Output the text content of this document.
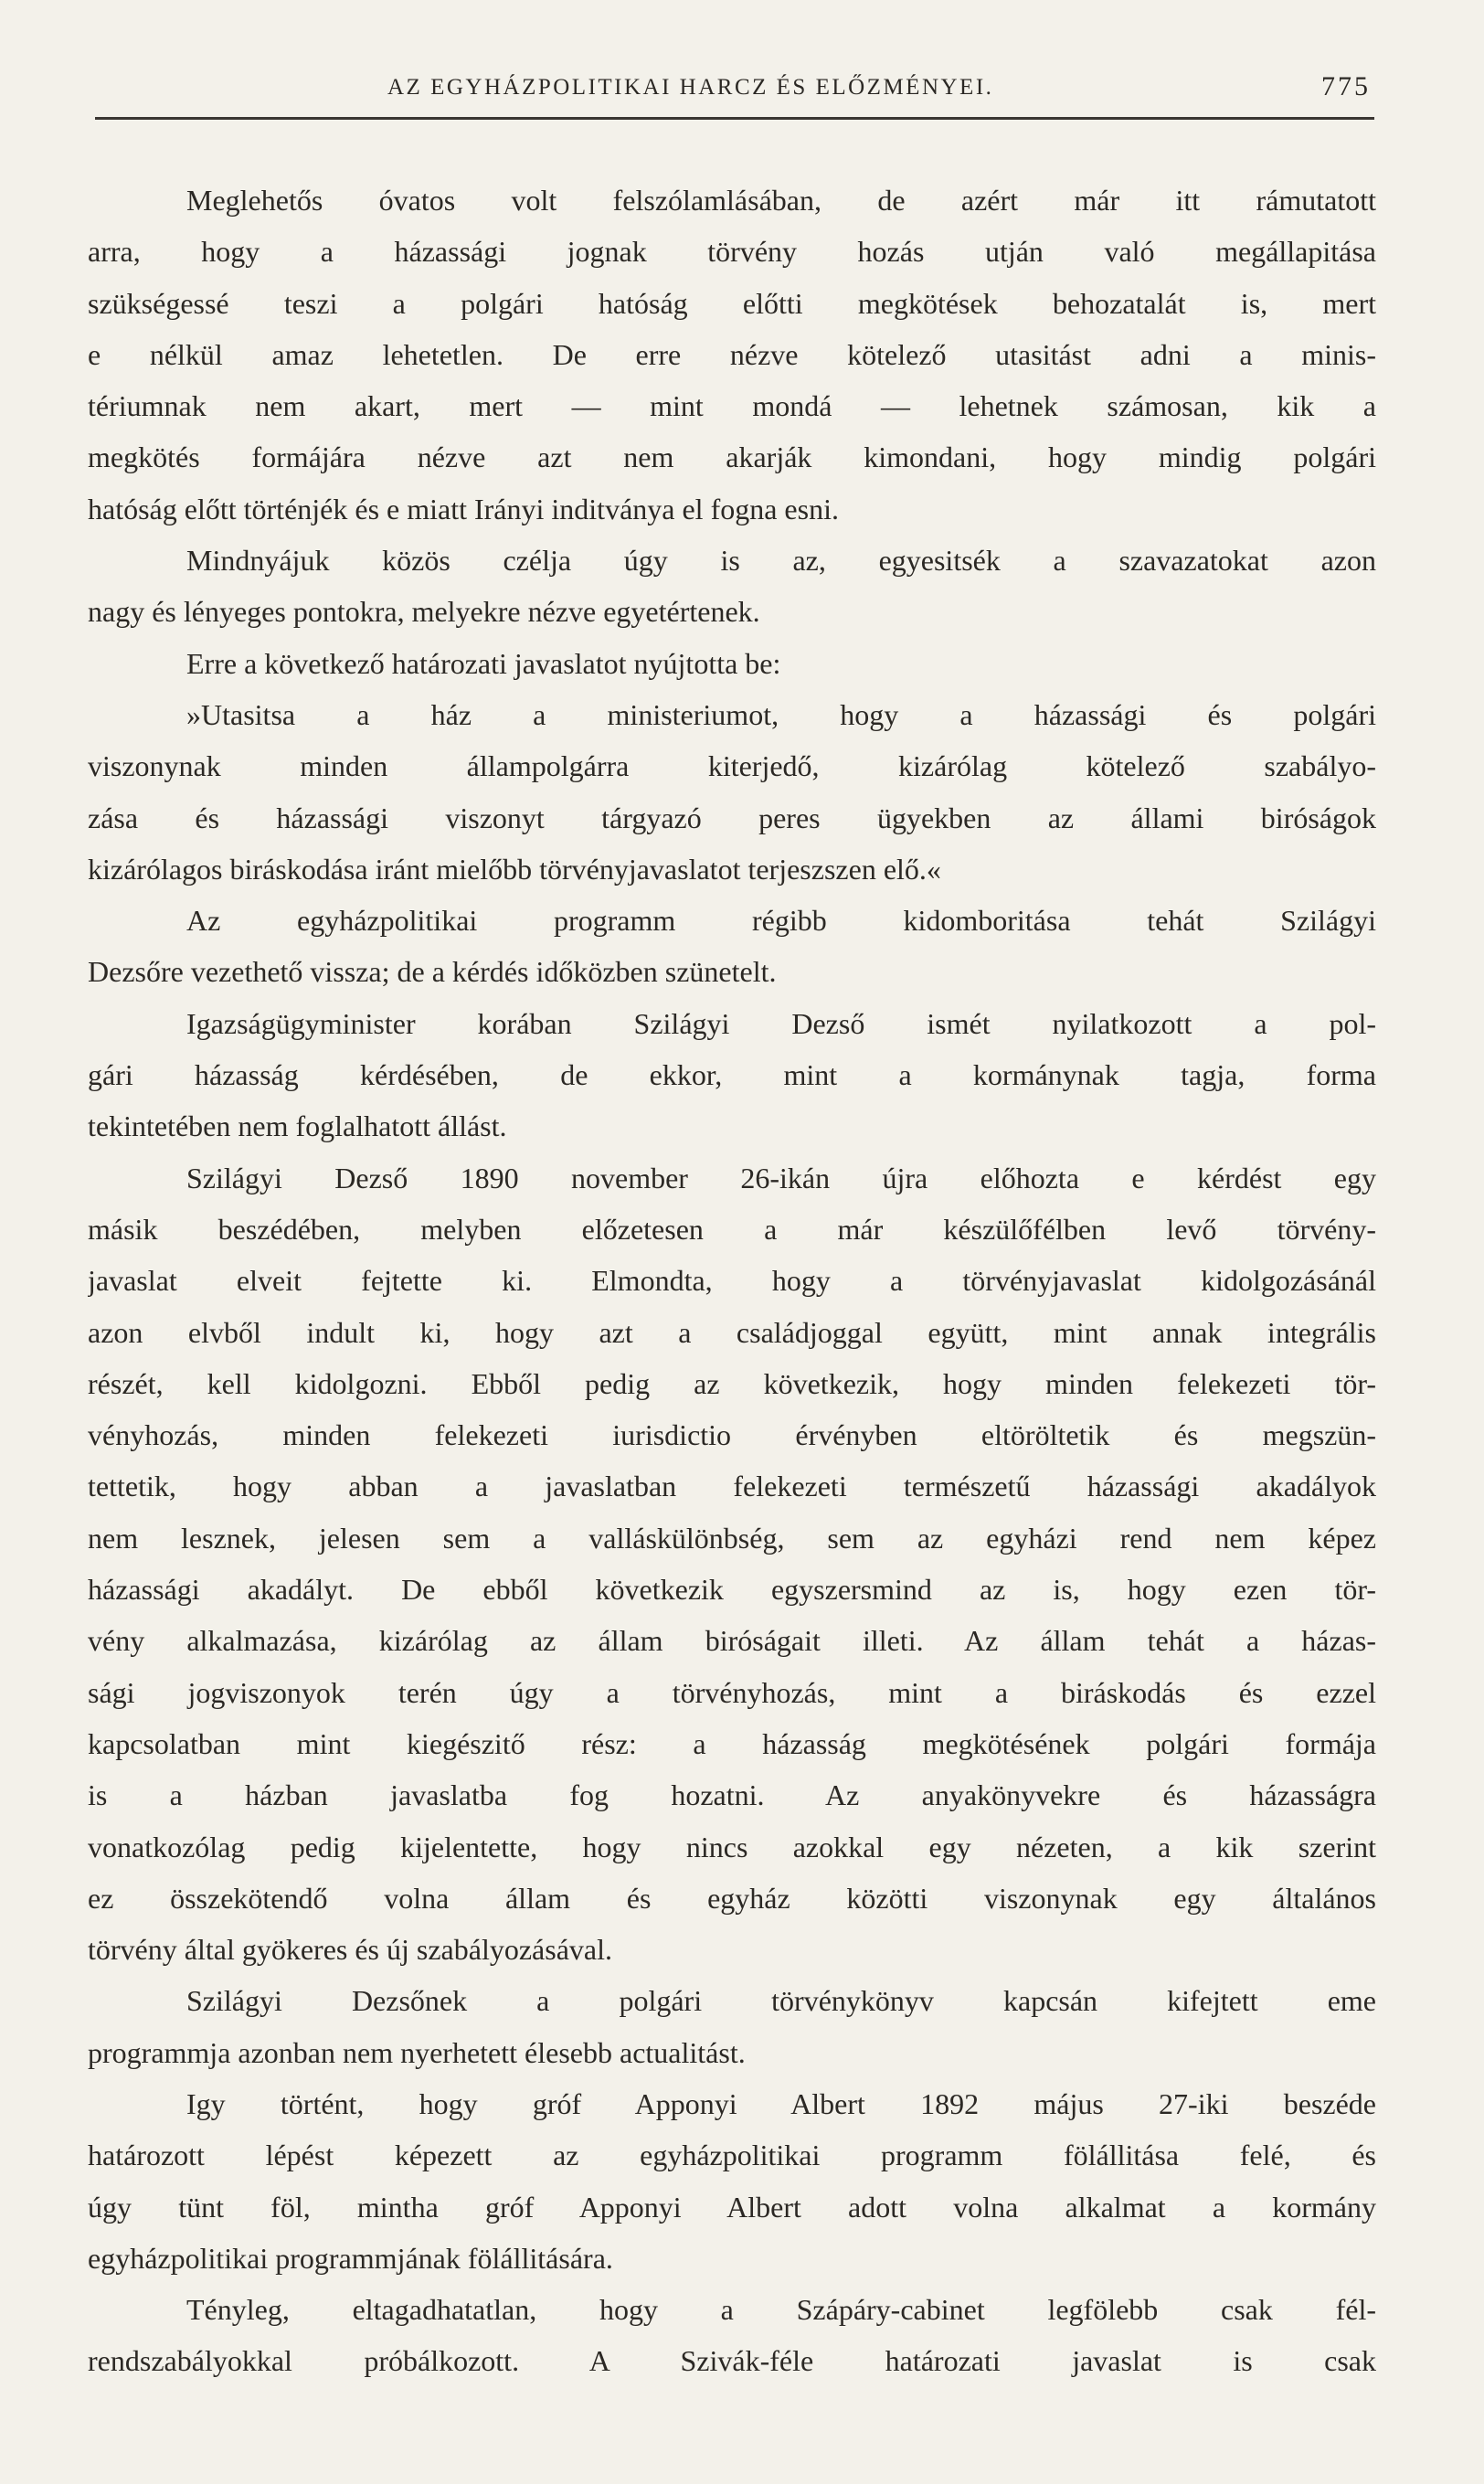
AZ EGYHÁZPOLITIKAI HARCZ ÉS ELŐZMÉNYEI.	775
Meglehetős óvatos volt felszólamlásában, de azért már itt rámutatott
arra, hogy a házassági jognak törvény hozás utján való megállapitása
szükségessé teszi a polgári hatóság előtti megkötések behozatalát is, mert
e nélkül amaz lehetetlen. De erre nézve kötelező utasitást adni a minis-
tériumnak nem akart, mert — mint mondá — lehetnek számosan, kik a
megkötés formájára nézve azt nem akarják kimondani, hogy mindig polgári
hatóság előtt történjék és e miatt Irányi inditványa el fogna esni.
Mindnyájuk közös czélja úgy is az, egyesitsék a szavazatokat azon
nagy és lényeges pontokra, melyekre nézve egyetértenek.
Erre a következő határozati javaslatot nyújtotta be:
»Utasitsa a ház a ministeriumot, hogy a házassági és polgári
viszonynak minden állampolgárra kiterjedő, kizárólag kötelező szabályo-
zása és házassági viszonyt tárgyazó peres ügyekben az állami biróságok
kizárólagos biráskodása iránt mielőbb törvényjavaslatot terjeszszen elő.«
Az egyházpolitikai programm régibb kidomboritása tehát Szilágyi
Dezsőre vezethető vissza; de a kérdés időközben szünetelt.
Igazságügyminister korában Szilágyi Dezső ismét nyilatkozott a pol-
gári házasság kérdésében, de ekkor, mint a kormánynak tagja, forma
tekintetében nem foglalhatott állást.
Szilágyi Dezső 1890 november 26-ikán újra előhozta e kérdést egy
másik beszédében, melyben előzetesen a már készülőfélben levő törvény-
javaslat elveit fejtette ki. Elmondta, hogy a törvényjavaslat kidolgozásánál
azon elvből indult ki, hogy azt a családjoggal együtt, mint annak integrális
részét, kell kidolgozni. Ebből pedig az következik, hogy minden felekezeti tör-
vényhozás, minden felekezeti iurisdictio érvényben eltöröltetik és megszün-
tettetik, hogy abban a javaslatban felekezeti természetű házassági akadályok
nem lesznek, jelesen sem a valláskülönbség, sem az egyházi rend nem képez
házassági akadályt. De ebből következik egyszersmind az is, hogy ezen tör-
vény alkalmazása, kizárólag az állam biróságait illeti. Az állam tehát a házas-
sági jogviszonyok terén úgy a törvényhozás, mint a biráskodás és ezzel
kapcsolatban mint kiegészitő rész: a házasság megkötésének polgári formája
is a házban javaslatba fog hozatni. Az anyakönyvekre és házasságra
vonatkozólag pedig kijelentette, hogy nincs azokkal egy nézeten, a kik szerint
ez összekötendő volna állam és egyház közötti viszonynak egy általános
törvény által gyökeres és új szabályozásával.
Szilágyi Dezsőnek a polgári törvénykönyv kapcsán kifejtett eme
programmja azonban nem nyerhetett élesebb actualitást.
Igy történt, hogy gróf Apponyi Albert 1892 május 27-iki beszéde
határozott lépést képezett az egyházpolitikai programm fölállitása felé, és
úgy tünt föl, mintha gróf Apponyi Albert adott volna alkalmat a kormány
egyházpolitikai programmjának fölállitására.
Tényleg, eltagadhatatlan, hogy a Szápáry-cabinet legfölebb csak fél-
rendszabályokkal próbálkozott. A Szivák-féle határozati javaslat is csak
